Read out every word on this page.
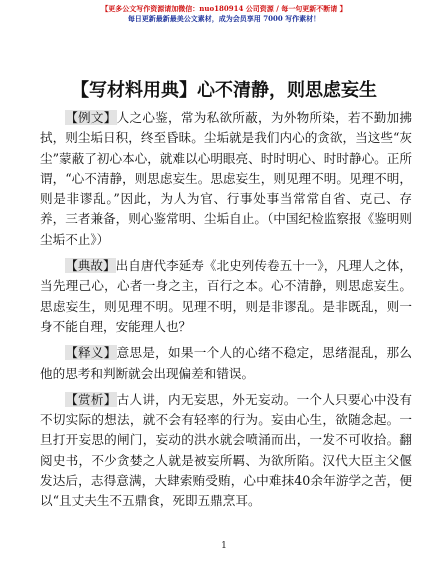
【更多公文写作资源请加微信：nuo180914 公司资源 / 每一句更新不断请 】
每日更新最新最美公文素材，成为会员享用 7000 写作素材！
【写材料用典】心不清静，则思虑妄生

【例文】人之心鉴，常为私欲所蔽，为外物所染，若不勤加拂拭，则尘垢日积，终至昏昧。尘垢就是我们内心的贪欲，当这些“灰尘”蒙蔽了初心本心，就难以心明眼亮、时时明心、时时静心。正所谓，“心不清静，则思虑妄生。思虑妄生，则见理不明。见理不明，则是非谬乱。”因此，为人为官、行事处事当常常自省、克己、存养，三者兼备，则心鉴常明、尘垢自止。（中国纪检监察报《鉴明则尘垢不止》）

【典故】出自唐代李延寿《北史列传卷五十一》，凡理人之体，当先理己心，心者一身之主，百行之本。心不清静，则思虑妄生。思虑妄生，则见理不明。见理不明，则是非谬乱。是非既乱，则一身不能自理，安能理人也？

【释义】意思是，如果一个人的心绪不稳定，思绪混乱，那么他的思考和判断就会出现偏差和错误。

【赏析】古人讲，内无妄思，外无妄动。一个人只要心中没有不切实际的想法，就不会有轻率的行为。妄由心生，欲随念起。一旦打开妄思的闸门，妄动的洪水就会喷涌而出，一发不可收拾。翻阅史书，不少贪婪之人就是被妄所羁、为欲所陷。汉代大臣主父偃发达后，志得意满，大肆索贿受贿，心中难抹40余年游学之苦，便以“且丈夫生不五鼎食，死即五鼎烹耳。

1
